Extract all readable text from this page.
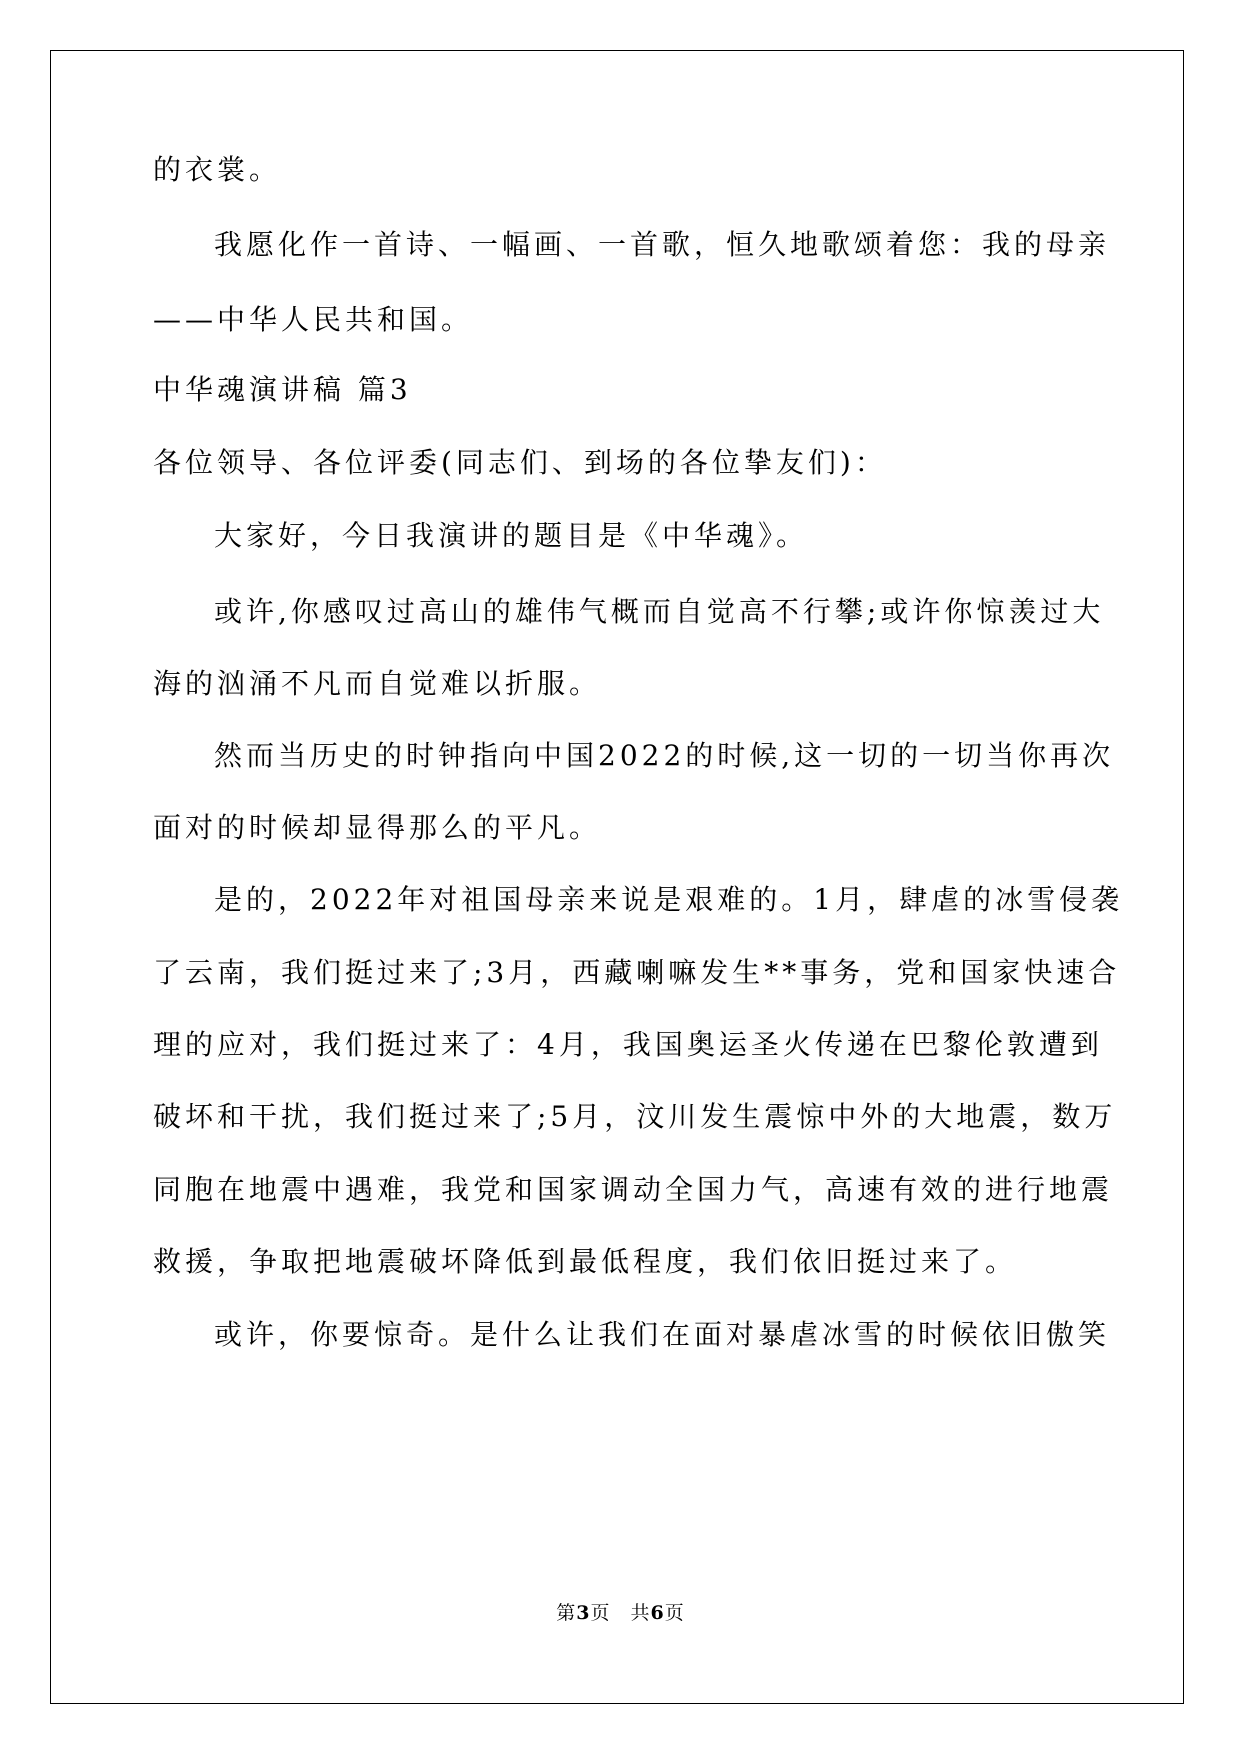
的衣裳。
我愿化作一首诗、一幅画、一首歌，恒久地歌颂着您：我的母亲
——中华人民共和国。
中华魂演讲稿 篇3
各位领导、各位评委(同志们、到场的各位挚友们)：
大家好，今日我演讲的题目是《中华魂》。
或许,你感叹过高山的雄伟气概而自觉高不行攀;或许你惊羡过大
海的汹涌不凡而自觉难以折服。
然而当历史的时钟指向中国2022的时候,这一切的一切当你再次
面对的时候却显得那么的平凡。
是的，2022年对祖国母亲来说是艰难的。1月，肆虐的冰雪侵袭
了云南，我们挺过来了;3月，西藏喇嘛发生**事务，党和国家快速合
理的应对，我们挺过来了：4月，我国奥运圣火传递在巴黎伦敦遭到
破坏和干扰，我们挺过来了;5月，汶川发生震惊中外的大地震，数万
同胞在地震中遇难，我党和国家调动全国力气，高速有效的进行地震
救援，争取把地震破坏降低到最低程度，我们依旧挺过来了。
或许，你要惊奇。是什么让我们在面对暴虐冰雪的时候依旧傲笑
第3页　共6页
